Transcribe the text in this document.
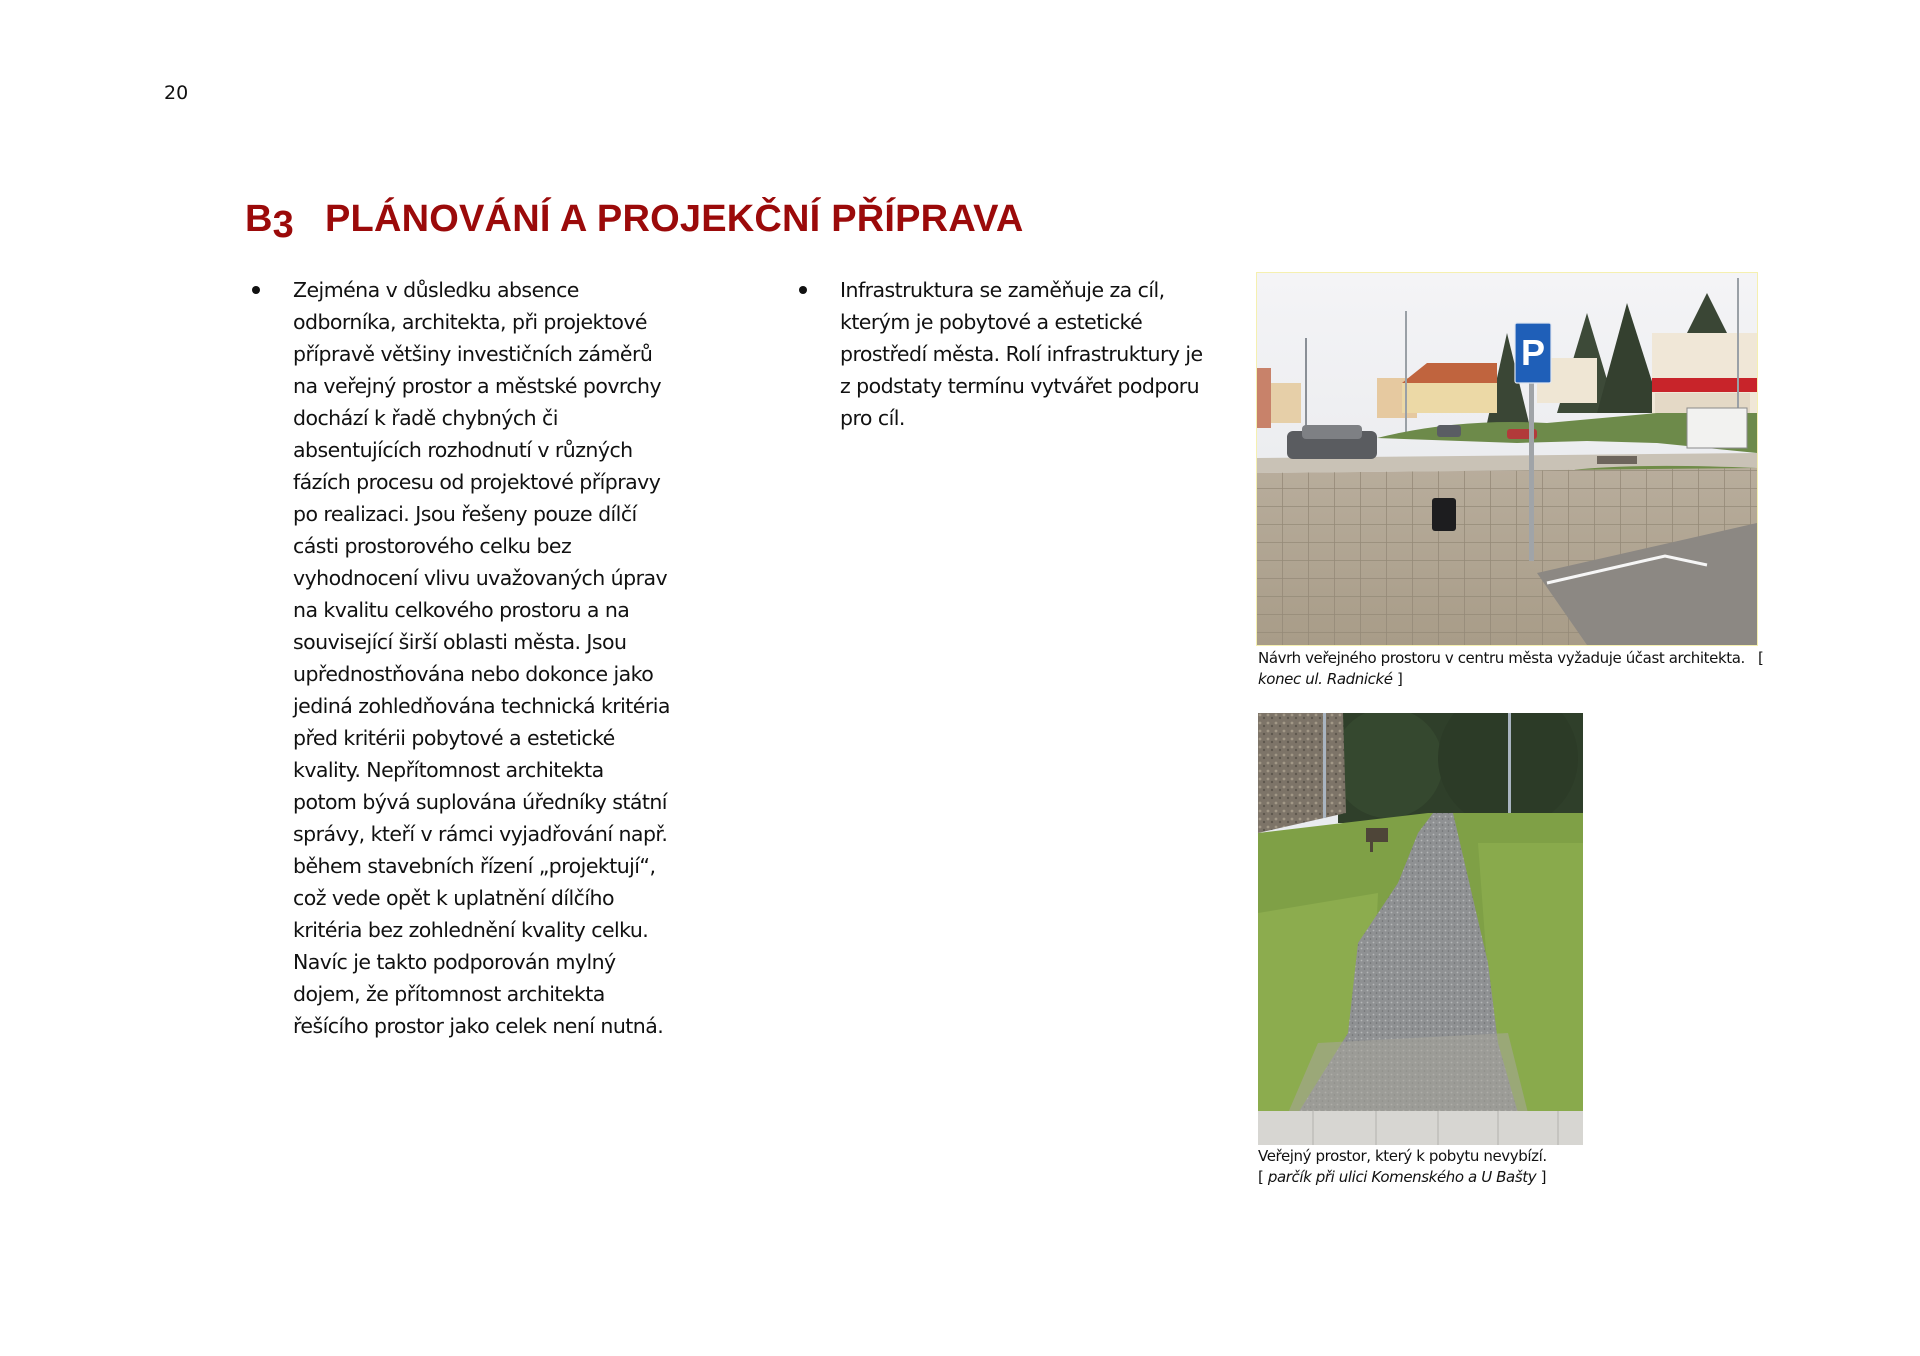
20
$B_3$ PLÁNOVÁNÍ A PROJEKČNÍ PŘÍPRAVA
Zejména v důsledku absence
odborníka, architekta, při projektové
přípravě většiny investičních záměrů
na veřejný prostor a městské povrchy
dochází k řadě chybných či
absentujících rozhodnutí v různých
fázích procesu od projektové přípravy
po realizaci. Jsou řešeny pouze dílčí
cásti prostorového celku bez
vyhodnocení vlivu uvažovaných úprav
na kvalitu celkového prostoru a na
související širší oblasti města. Jsou
upřednostňována nebo dokonce jako
jediná zohledňována technická kritéria
před kritérii pobytové a estetické
kvality. Nepřítomnost architekta
potom bývá suplována úředníky státní
správy, kteří v rámci vyjadřování např.
během stavebních řízení „projektují“,
což vede opět k uplatnění dílčího
kritéria bez zohlednění kvality celku.
Navíc je takto podporován mylný
dojem, že přítomnost architekta
řešícího prostor jako celek není nutná.
Infrastruktura se zaměňuje za cíl,
kterým je pobytové a estetické
prostředí města. Rolí infrastruktury je
z podstaty termínu vytvářet podporu
pro cíl.
P
Návrh veřejného prostoru v centru města vyžaduje účast architekta. [ konec ul. Radnické ]
Veřejný prostor, který k pobytu nevybízí.
[ parčík při ulici Komenského a U Bašty ]
